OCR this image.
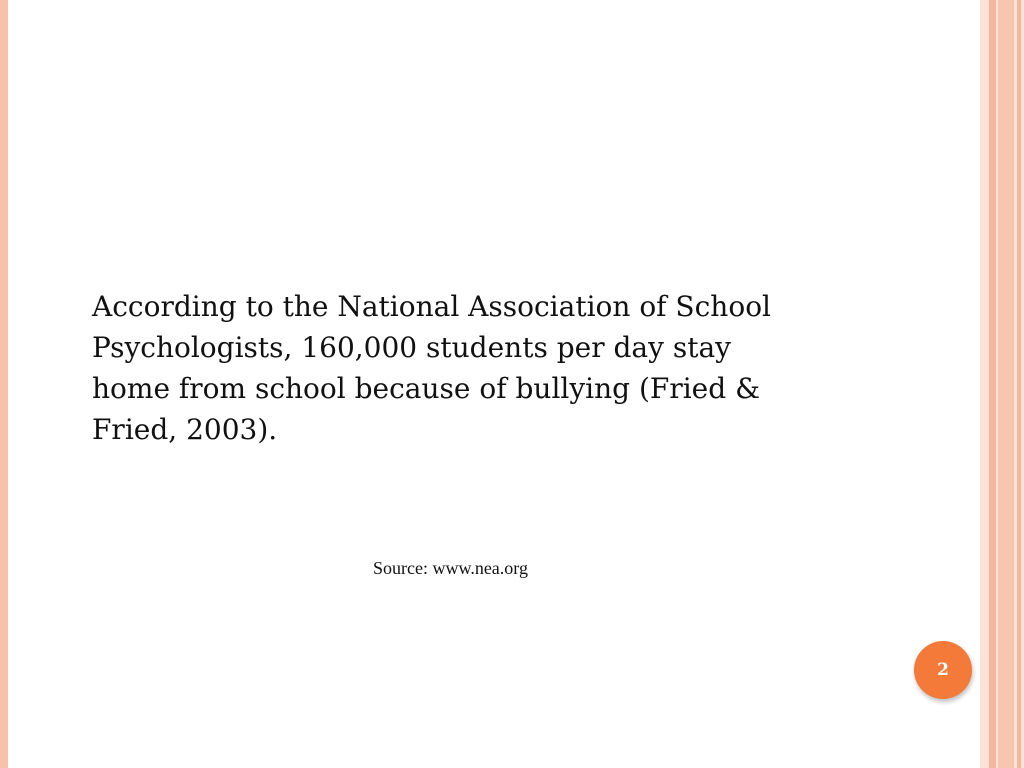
According to the National Association of School
Psychologists, 160,000 students per day stay
home from school because of bullying (Fried &
Fried, 2003).

Source: www.nea.org
2
